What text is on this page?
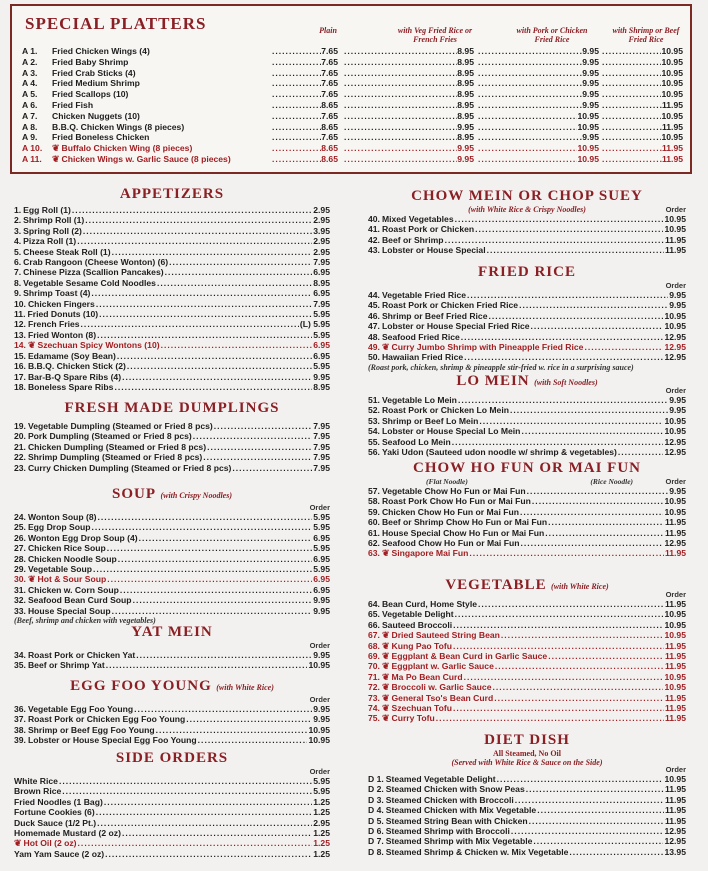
SPECIAL PLATTERS	Plain	with Veg Fried Rice or French Fries
with Pork or Chicken Fried Rice
with Shrimp or Beef Fried Rice
A 1. Fried Chicken Wings (4) .....	7.65 .....	8.95 .....	9.95 .....	10.95
A 2. Fried Baby Shrimp .....	7.65 .....	8.95 .....	9.95 .....	10.95
A 3. Fried Crab Sticks (4) .....	7.65 .....	8.95 .....	9.95 .....	10.95
A 4. Fried Medium Shrimp .....	7.65 .....	8.95 .....	9.95 .....	10.95
A 5. Fried Scallops (10) .....	7.65 .....	8.95 .....	9.95 .....	10.95
A 6. Fried Fish .....	8.65 .....	8.95 .....	9.95 .....	11.95
A 7. Chicken Nuggets (10) .....	7.65 .....	8.95 .....	10.95 .....	10.95
A 8. B.B.Q. Chicken Wings (8 pieces) .....	8.65 .....	9.95 .....	10.95 .....	11.95
A 9. Fried Boneless Chicken .....	7.65 .....	8.95 .....	9.95 .....	10.95
A 10. ❦ Buffalo Chicken Wing (8 pieces) .....	8.65 .....	9.95 .....	10.95 .....	11.95
A 11. ❦ Chicken Wings w. Garlic Sauce (8 pieces) .....	8.65 .....	9.95 .....	10.95 .....	11.95
APPETIZERS
1. Egg Roll (1) .....	2.95
2. Shrimp Roll (1) .....	2.95
3. Spring Roll (2) .....	3.95
4. Pizza Roll (1) .....	2.95
5. Cheese Steak Roll (1) .....	2.95
6. Crab Rangoon (Cheese Wonton) (6) .....	7.95
7. Chinese Pizza (Scallion Pancakes) .....	6.95
8. Vegetable Sesame Cold Noodles .....	8.95
9. Shrimp Toast (4) .....	6.95
10. Chicken Fingers .....	7.95
11. Fried Donuts (10) .....	5.95
12. French Fries .....	(L) 5.95
13. Fried Wonton (8) .....	5.95
14. ❦ Szechuan Spicy Wontons (10) .....	6.95
15. Edamame (Soy Bean) .....	6.95
16. B.B.Q. Chicken Stick (2) .....	5.95
17. Bar-B-Q Spare Ribs (4) .....	9.95
18. Boneless Spare Ribs .....	8.95
FRESH MADE DUMPLINGS
19. Vegetable Dumpling (Steamed or Fried 8 pcs) .....	7.95
20. Pork Dumpling (Steamed or Fried 8 pcs) .....	7.95
21. Chicken Dumpling (Steamed or Fried 8 pcs) .....	7.95
22. Shrimp Dumpling (Steamed or Fried 8 pcs) .....	7.95
23. Curry Chicken Dumpling (Steamed or Fried 8 pcs) .....	7.95
SOUP (with Crispy Noodles)
Order
24. Wonton Soup (8) .....	5.95
25. Egg Drop Soup .....	5.95
26. Wonton Egg Drop Soup (4) .....	6.95
27. Chicken Rice Soup .....	5.95
28. Chicken Noodle Soup .....	6.95
29. Vegetable Soup .....	5.95
30. ❦ Hot & Sour Soup .....	6.95
31. Chicken w. Corn Soup .....	6.95
32. Seafood Bean Curd Soup .....	9.95
33. House Special Soup .....	9.95
(Beef, shrimp and chicken with vegetables)
YAT MEIN
Order
34. Roast Pork or Chicken Yat .....	9.95
35. Beef or Shrimp Yat .....	10.95
EGG FOO YOUNG (with White Rice)
Order
36. Vegetable Egg Foo Young .....	9.95
37. Roast Pork or Chicken Egg Foo Young .....	9.95
38. Shrimp or Beef Egg Foo Young .....	10.95
39. Lobster or House Special Egg Foo Young .....	10.95
SIDE ORDERS
Order
White Rice .....	5.95
Brown Rice .....	5.95
Fried Noodles (1 Bag) .....	1.25
Fortune Cookies (6) .....	1.25
Duck Sauce (1/2 Pt.) .....	2.95
Homemade Mustard (2 oz) .....	1.25
❦ Hot Oil (2 oz) .....	1.25
Yam Yam Sauce (2 oz) .....	1.25
CHOW MEIN OR CHOP SUEY
(with White Rice & Crispy Noodles)	Order
40. Mixed Vegetables .....	10.95
41. Roast Pork or Chicken .....	10.95
42. Beef or Shrimp .....	11.95
43. Lobster or House Special .....	11.95
FRIED RICE
Order
44. Vegetable Fried Rice .....	9.95
45. Roast Pork or Chicken Fried Rice .....	9.95
46. Shrimp or Beef Fried Rice .....	10.95
47. Lobster or House Special Fried Rice .....	10.95
48. Seafood Fried Rice .....	12.95
49. ❦ Curry Jumbo Shrimp with Pineapple Fried Rice .....	12.95
50. Hawaiian Fried Rice .....	12.95
(Roast pork, chicken, shrimp & pineapple stir-fried w. rice in a surprising sauce)
LO MEIN (with Soft Noodles)
Order
51. Vegetable Lo Mein .....	9.95
52. Roast Pork or Chicken Lo Mein .....	9.95
53. Shrimp or Beef Lo Mein .....	10.95
54. Lobster or House Special Lo Mein .....	10.95
55. Seafood Lo Mein .....	12.95
56. Yaki Udon (Sauteed udon noodle w/ shrimp & vegetables) .....	12.95
CHOW HO FUN OR MAI FUN
(Flat Noodle)	(Rice Noodle)	Order
57. Vegetable Chow Ho Fun or Mai Fun .....	9.95
58. Roast Pork Chow Ho Fun or Mai Fun .....	10.95
59. Chicken Chow Ho Fun or Mai Fun .....	10.95
60. Beef or Shrimp Chow Ho Fun or Mai Fun .....	11.95
61. House Special Chow Ho Fun or Mai Fun .....	11.95
62. Seafood Chow Ho Fun or Mai Fun .....	12.95
63. ❦ Singapore Mai Fun .....	11.95
VEGETABLE (with White Rice)
Order
64. Bean Curd, Home Style .....	11.95
65. Vegetable Delight .....	10.95
66. Sauteed Broccoli .....	10.95
67. ❦ Dried Sauteed String Bean .....	10.95
68. ❦ Kung Pao Tofu .....	11.95
69. ❦ Eggplant & Bean Curd in Garlic Sauce .....	11.95
70. ❦ Eggplant w. Garlic Sauce .....	11.95
71. ❦ Ma Po Bean Curd .....	10.95
72. ❦ Broccoli w. Garlic Sauce .....	10.95
73. ❦ General Tso's Bean Curd .....	11.95
74. ❦ Szechuan Tofu .....	11.95
75. ❦ Curry Tofu .....	11.95
DIET DISH
All Steamed, No Oil
(Served with White Rice & Sauce on the Side)
Order
D 1. Steamed Vegetable Delight .....	10.95
D 2. Steamed Chicken with Snow Peas .....	11.95
D 3. Steamed Chicken with Broccoli .....	11.95
D 4. Steamed Chicken with Mix Vegetable .....	11.95
D 5. Steamed String Bean with Chicken .....	11.95
D 6. Steamed Shrimp with Broccoli .....	12.95
D 7. Steamed Shrimp with Mix Vegetable .....	12.95
D 8. Steamed Shrimp & Chicken w. Mix Vegetable .....	13.95
